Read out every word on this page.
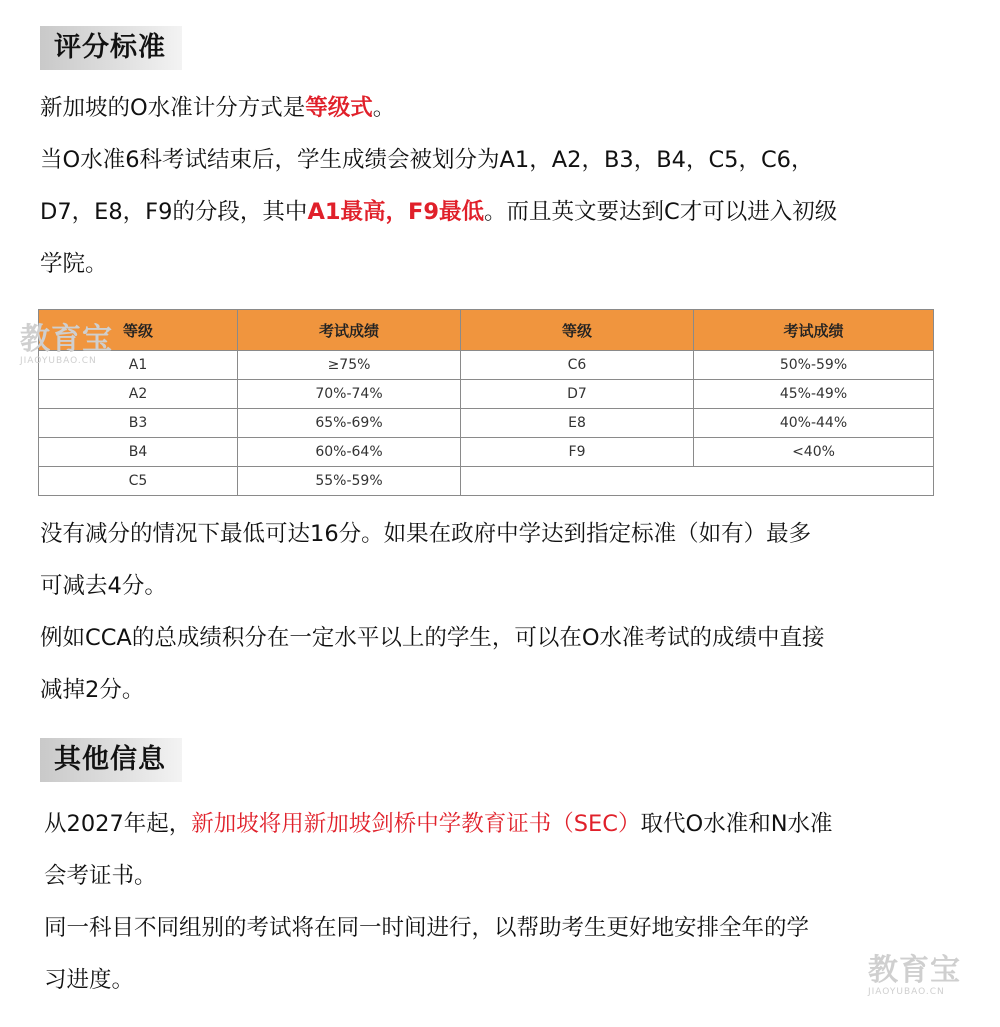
评分标准

新加坡的O水准计分方式是等级式。

当O水准6科考试结束后，学生成绩会被划分为A1，A2，B3，B4，C5，C6，
D7，E8，F9的分段，其中A1最高，F9最低。而且英文要达到C才可以进入初级
学院。
等级	考试成绩	等级	考试成绩
A1	≥75%	C6	50%-59%
A2	70%-74%	D7	45%-49%
B3	65%-69%	E8	40%-44%
B4	60%-64%	F9	<40%
C5	55%-59%		
没有减分的情况下最低可达16分。如果在政府中学达到指定标准（如有）最多
可减去4分。
例如CCA的总成绩积分在一定水平以上的学生，可以在O水准考试的成绩中直接
减掉2分。
其他信息
从2027年起，新加坡将用新加坡剑桥中学教育证书（SEC）取代O水准和N水准
会考证书。
同一科目不同组别的考试将在同一时间进行，以帮助考生更好地安排全年的学
习进度。
教育宝
JIAOYUBAO.CN
教育宝
JIAOYUBAO.CN
